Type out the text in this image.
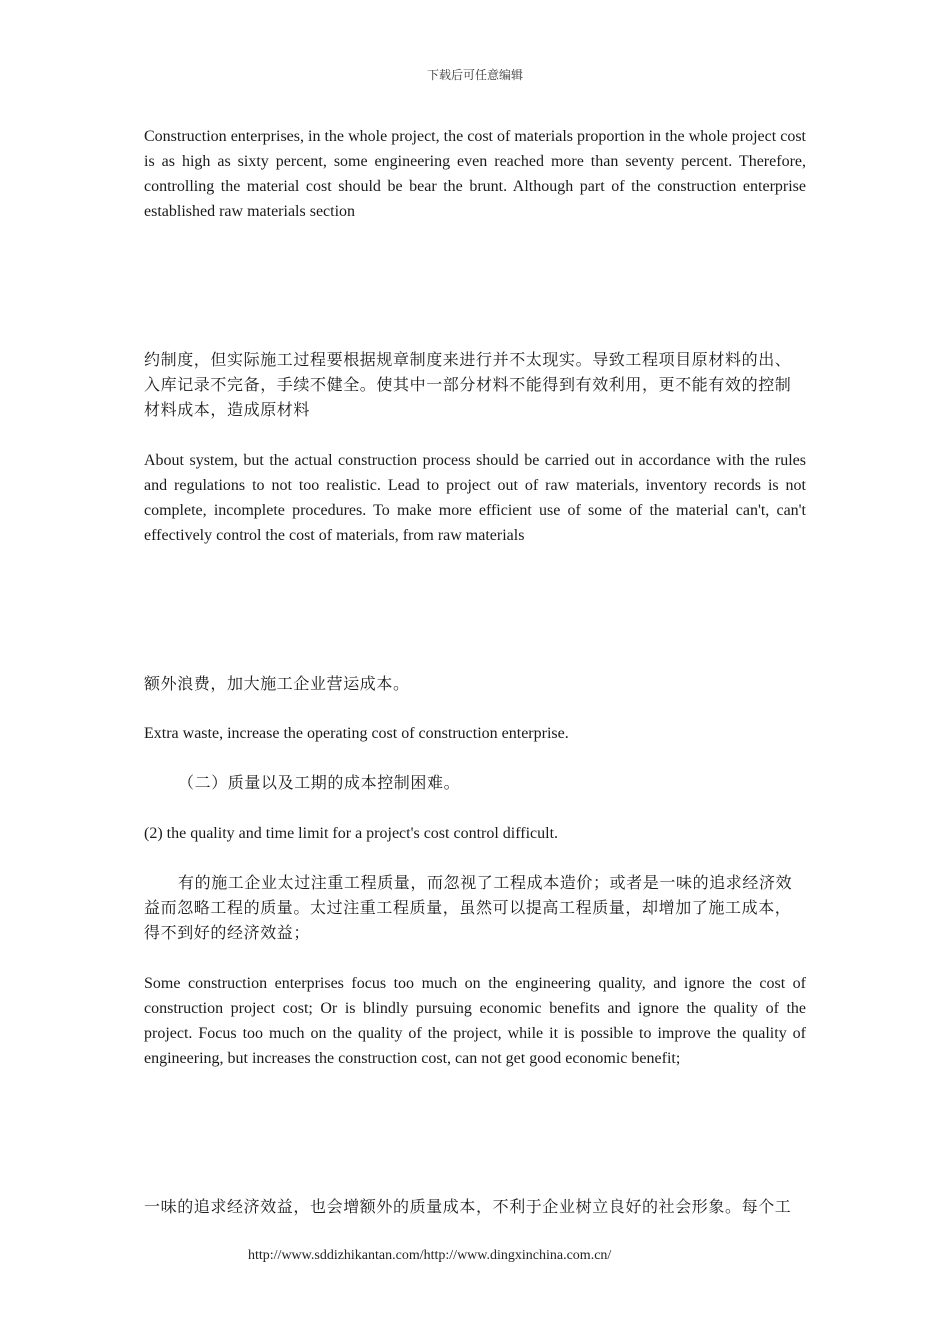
下载后可任意编辑

Construction enterprises, in the whole project, the cost of materials proportion in the whole project cost is as high as sixty percent, some engineering even reached more than seventy percent. Therefore, controlling the material cost should be bear the brunt. Although part of the construction enterprise established raw materials section

约制度，但实际施工过程要根据规章制度来进行并不太现实。导致工程项目原材料的出、入库记录不完备，手续不健全。使其中一部分材料不能得到有效利用，更不能有效的控制材料成本，造成原材料

About system, but the actual construction process should be carried out in accordance with the rules and regulations to not too realistic. Lead to project out of raw materials, inventory records is not complete, incomplete procedures. To make more efficient use of some of the material can't, can't effectively control the cost of materials, from raw materials

额外浪费，加大施工企业营运成本。

Extra waste, increase the operating cost of construction enterprise.

（二）质量以及工期的成本控制困难。

(2) the quality and time limit for a project's cost control difficult.

有的施工企业太过注重工程质量，而忽视了工程成本造价；或者是一味的追求经济效益而忽略工程的质量。太过注重工程质量，虽然可以提高工程质量，却增加了施工成本，得不到好的经济效益；

Some construction enterprises focus too much on the engineering quality, and ignore the cost of construction project cost; Or is blindly pursuing economic benefits and ignore the quality of the project. Focus too much on the quality of the project, while it is possible to improve the quality of engineering, but increases the construction cost, can not get good economic benefit;

一味的追求经济效益，也会增额外的质量成本，不利于企业树立良好的社会形象。每个工

http://www.sddizhikantan.com/http://www.dingxinchina.com.cn/
